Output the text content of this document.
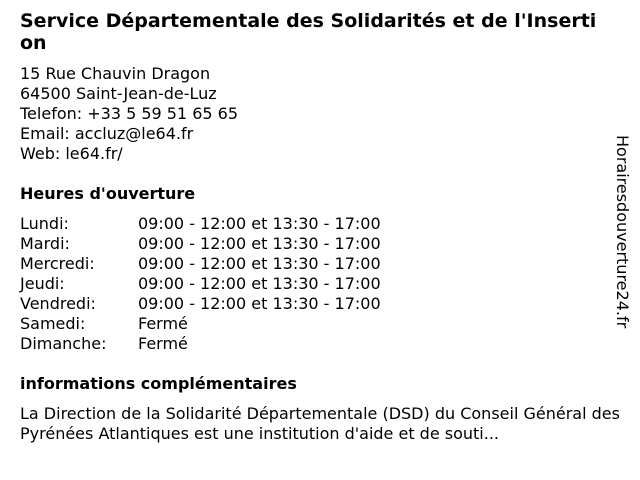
Service Départementale des Solidarités et de l'Insertion
15 Rue Chauvin Dragon
64500 Saint-Jean-de-Luz
Telefon: +33 5 59 51 65 65
Email: accluz@le64.fr
Web: le64.fr/
Heures d'ouverture
Lundi:	09:00 - 12:00 et 13:30 - 17:00
Mardi:	09:00 - 12:00 et 13:30 - 17:00
Mercredi:	09:00 - 12:00 et 13:30 - 17:00
Jeudi:	09:00 - 12:00 et 13:30 - 17:00
Vendredi:	09:00 - 12:00 et 13:30 - 17:00
Samedi:	Fermé
Dimanche:	Fermé
informations complémentaires
La Direction de la Solidarité Départementale (DSD) du Conseil Général des Pyrénées Atlantiques est une institution d'aide et de souti...
Horairesdouverture24.fr
